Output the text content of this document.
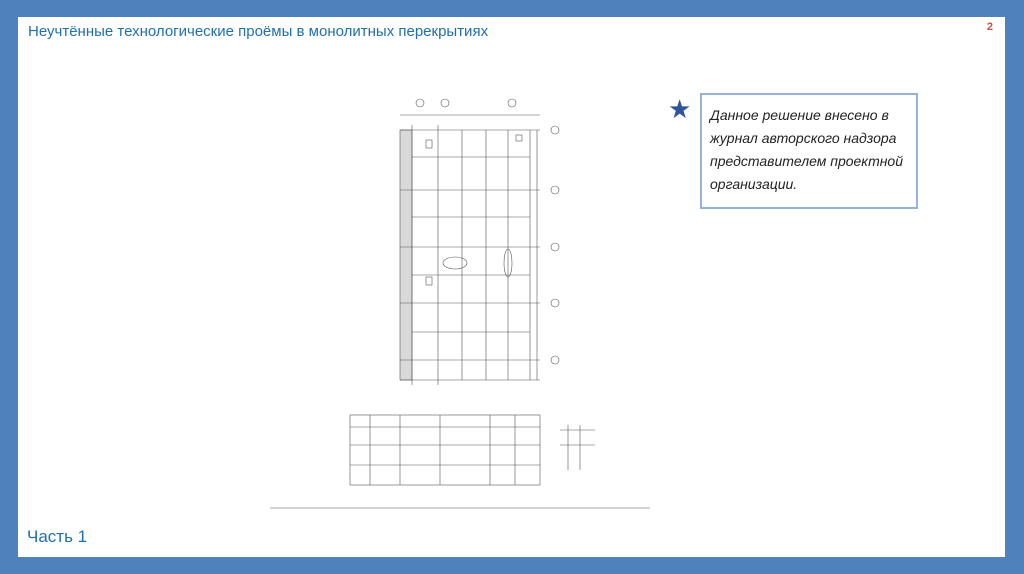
Неучтённые технологические проёмы в монолитных перекрытиях	2
★ Данное решение внесено в журнал авторского надзора представителем проектной организации.
Часть 1
